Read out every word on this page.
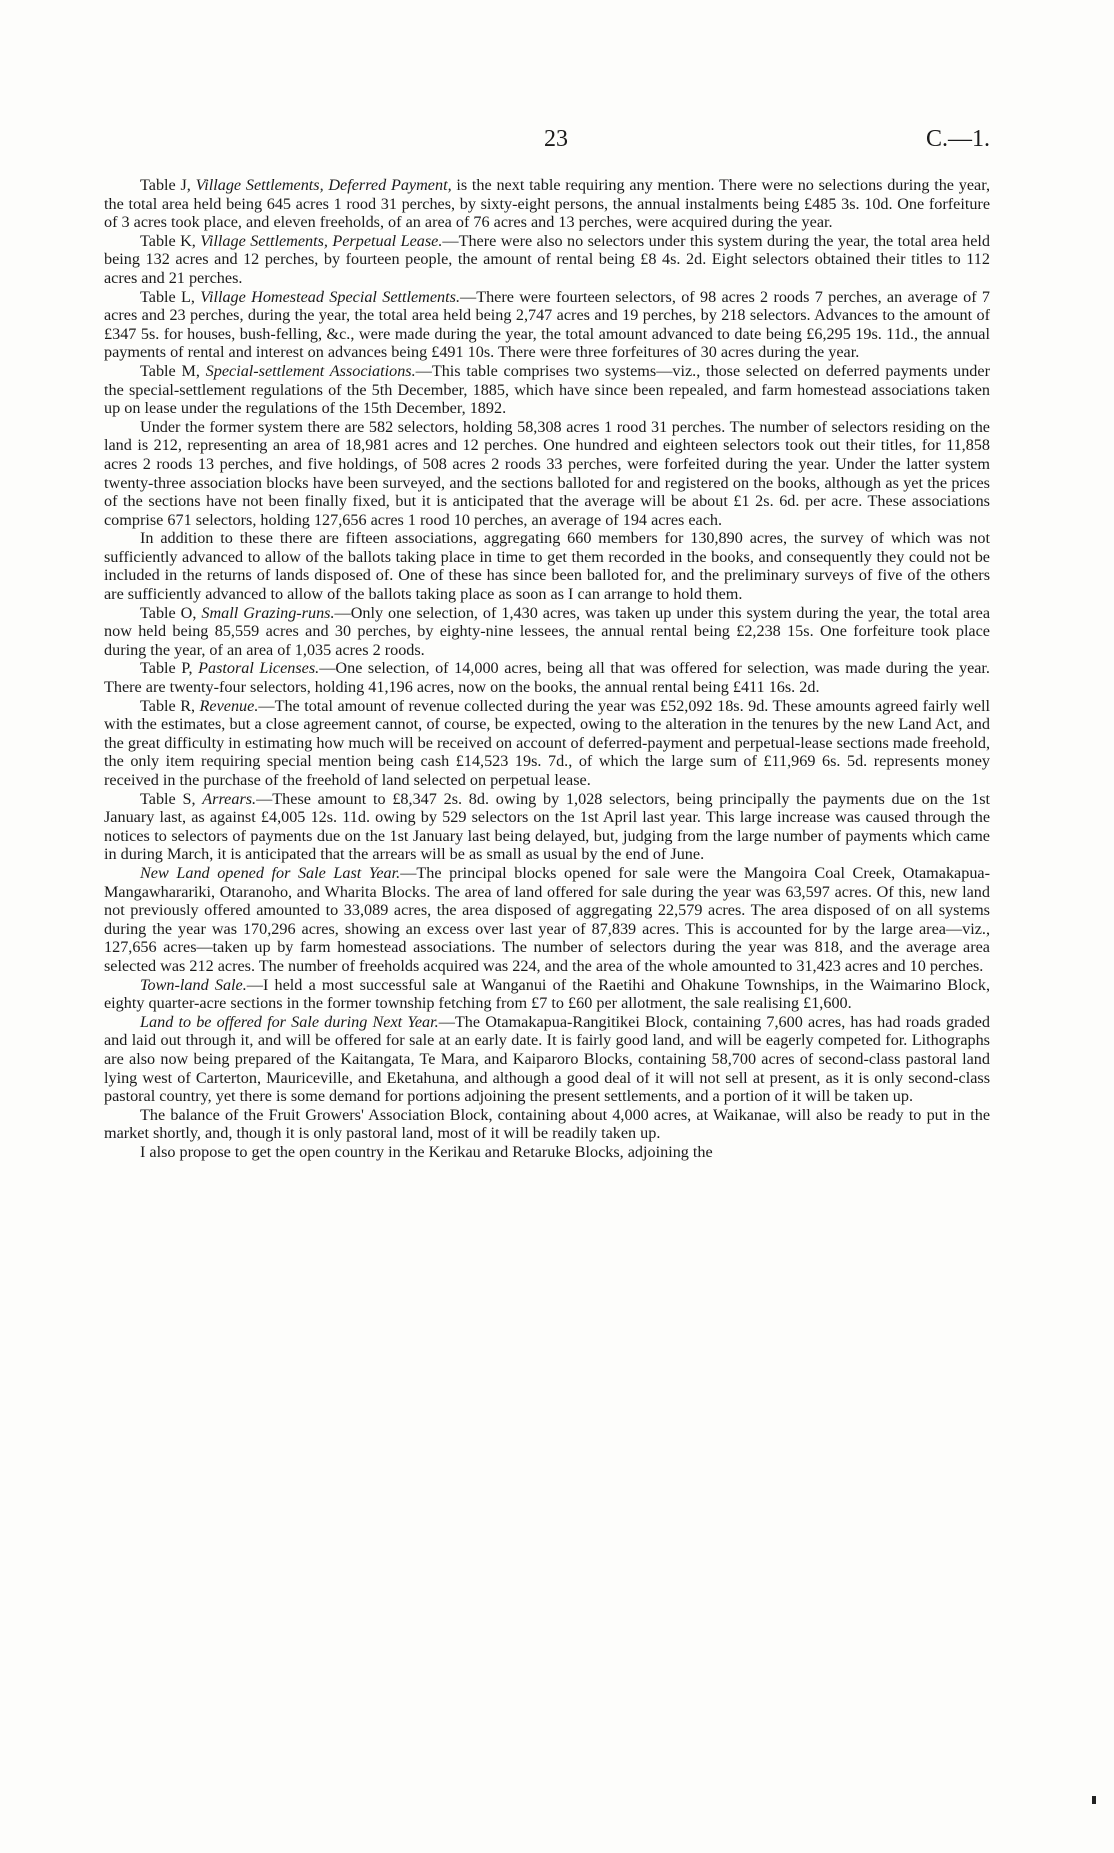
23	C.—1.

Table J, Village Settlements, Deferred Payment, is the next table requiring any mention. There were no selections during the year, the total area held being 645 acres 1 rood 31 perches, by sixty-eight persons, the annual instalments being £485 3s. 10d. One forfeiture of 3 acres took place, and eleven freeholds, of an area of 76 acres and 13 perches, were acquired during the year.

Table K, Village Settlements, Perpetual Lease.—There were also no selectors under this system during the year, the total area held being 132 acres and 12 perches, by fourteen people, the amount of rental being £8 4s. 2d. Eight selectors obtained their titles to 112 acres and 21 perches.

Table L, Village Homestead Special Settlements.—There were fourteen selectors, of 98 acres 2 roods 7 perches, an average of 7 acres and 23 perches, during the year, the total area held being 2,747 acres and 19 perches, by 218 selectors. Advances to the amount of £347 5s. for houses, bush-felling, &c., were made during the year, the total amount advanced to date being £6,295 19s. 11d., the annual payments of rental and interest on advances being £491 10s. There were three forfeitures of 30 acres during the year.

Table M, Special-settlement Associations.—This table comprises two systems—viz., those selected on deferred payments under the special-settlement regulations of the 5th December, 1885, which have since been repealed, and farm homestead associations taken up on lease under the regulations of the 15th December, 1892.

Under the former system there are 582 selectors, holding 58,308 acres 1 rood 31 perches. The number of selectors residing on the land is 212, representing an area of 18,981 acres and 12 perches. One hundred and eighteen selectors took out their titles, for 11,858 acres 2 roods 13 perches, and five holdings, of 508 acres 2 roods 33 perches, were forfeited during the year. Under the latter system twenty-three association blocks have been surveyed, and the sections balloted for and registered on the books, although as yet the prices of the sections have not been finally fixed, but it is anticipated that the average will be about £1 2s. 6d. per acre. These associations comprise 671 selectors, holding 127,656 acres 1 rood 10 perches, an average of 194 acres each.

In addition to these there are fifteen associations, aggregating 660 members for 130,890 acres, the survey of which was not sufficiently advanced to allow of the ballots taking place in time to get them recorded in the books, and consequently they could not be included in the returns of lands disposed of. One of these has since been balloted for, and the preliminary surveys of five of the others are sufficiently advanced to allow of the ballots taking place as soon as I can arrange to hold them.

Table O, Small Grazing-runs.—Only one selection, of 1,430 acres, was taken up under this system during the year, the total area now held being 85,559 acres and 30 perches, by eighty-nine lessees, the annual rental being £2,238 15s. One forfeiture took place during the year, of an area of 1,035 acres 2 roods.

Table P, Pastoral Licenses.—One selection, of 14,000 acres, being all that was offered for selection, was made during the year. There are twenty-four selectors, holding 41,196 acres, now on the books, the annual rental being £411 16s. 2d.

Table R, Revenue.—The total amount of revenue collected during the year was £52,092 18s. 9d. These amounts agreed fairly well with the estimates, but a close agreement cannot, of course, be expected, owing to the alteration in the tenures by the new Land Act, and the great difficulty in estimating how much will be received on account of deferred-payment and perpetual-lease sections made freehold, the only item requiring special mention being cash £14,523 19s. 7d., of which the large sum of £11,969 6s. 5d. represents money received in the purchase of the freehold of land selected on perpetual lease.

Table S, Arrears.—These amount to £8,347 2s. 8d. owing by 1,028 selectors, being principally the payments due on the 1st January last, as against £4,005 12s. 11d. owing by 529 selectors on the 1st April last year. This large increase was caused through the notices to selectors of payments due on the 1st January last being delayed, but, judging from the large number of payments which came in during March, it is anticipated that the arrears will be as small as usual by the end of June.

New Land opened for Sale Last Year.—The principal blocks opened for sale were the Mangoira Coal Creek, Otamakapua-Mangawharariki, Otaranoho, and Wharita Blocks. The area of land offered for sale during the year was 63,597 acres. Of this, new land not previously offered amounted to 33,089 acres, the area disposed of aggregating 22,579 acres. The area disposed of on all systems during the year was 170,296 acres, showing an excess over last year of 87,839 acres. This is accounted for by the large area—viz., 127,656 acres—taken up by farm homestead associations. The number of selectors during the year was 818, and the average area selected was 212 acres. The number of freeholds acquired was 224, and the area of the whole amounted to 31,423 acres and 10 perches.

Town-land Sale.—I held a most successful sale at Wanganui of the Raetihi and Ohakune Townships, in the Waimarino Block, eighty quarter-acre sections in the former township fetching from £7 to £60 per allotment, the sale realising £1,600.

Land to be offered for Sale during Next Year.—The Otamakapua-Rangitikei Block, containing 7,600 acres, has had roads graded and laid out through it, and will be offered for sale at an early date. It is fairly good land, and will be eagerly competed for. Lithographs are also now being prepared of the Kaitangata, Te Mara, and Kaiparoro Blocks, containing 58,700 acres of second-class pastoral land lying west of Carterton, Mauriceville, and Eketahuna, and although a good deal of it will not sell at present, as it is only second-class pastoral country, yet there is some demand for portions adjoining the present settlements, and a portion of it will be taken up.

The balance of the Fruit Growers' Association Block, containing about 4,000 acres, at Waikanae, will also be ready to put in the market shortly, and, though it is only pastoral land, most of it will be readily taken up.

I also propose to get the open country in the Kerikau and Retaruke Blocks, adjoining the
